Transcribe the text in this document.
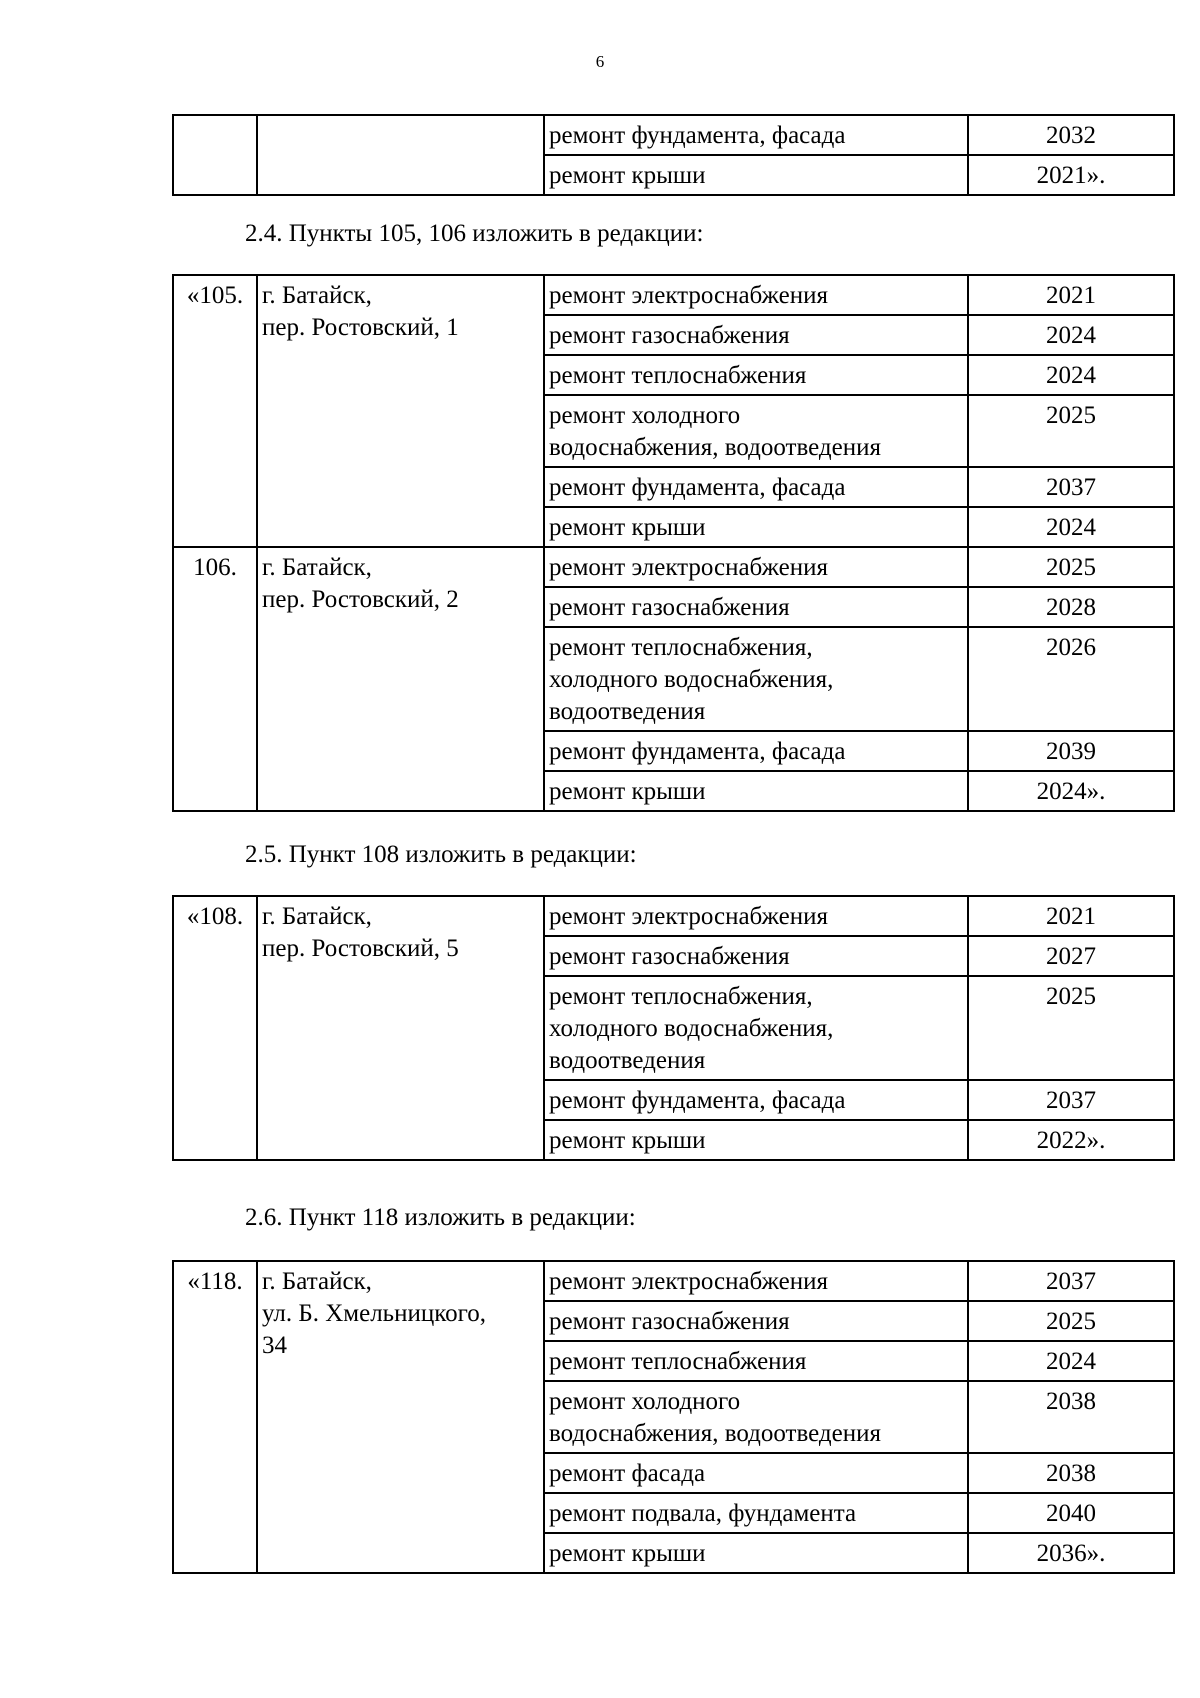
6
		ремонт фундамента, фасада	2032
		ремонт крыши	2021».
2.4. Пункты 105, 106 изложить в редакции:
«105.	г. Батайск,
пер. Ростовский, 1	ремонт электроснабжения	2021

		ремонт газоснабжения	2024

		ремонт теплоснабжения	2024

		ремонт холодного
водоснабжения, водоотведения	2025

		ремонт фундамента, фасада	2037

		ремонт крыши	2024
106.	г. Батайск,
пер. Ростовский, 2	ремонт электроснабжения	2025

		ремонт газоснабжения	2028

		ремонт теплоснабжения,
холодного водоснабжения,
водоотведения	2026

		ремонт фундамента, фасада	2039

		ремонт крыши	2024».
2.5. Пункт 108 изложить в редакции:
«108.	г. Батайск,
пер. Ростовский, 5	ремонт электроснабжения	2021

		ремонт газоснабжения	2027

		ремонт теплоснабжения,
холодного водоснабжения,
водоотведения	2025

		ремонт фундамента, фасада	2037

		ремонт крыши	2022».
2.6. Пункт 118 изложить в редакции:
«118.	г. Батайск,
ул. Б. Хмельницкого,
34	ремонт электроснабжения	2037

		ремонт газоснабжения	2025

		ремонт теплоснабжения	2024

		ремонт холодного
водоснабжения, водоотведения	2038

		ремонт фасада	2038

		ремонт подвала, фундамента	2040

		ремонт крыши	2036».
